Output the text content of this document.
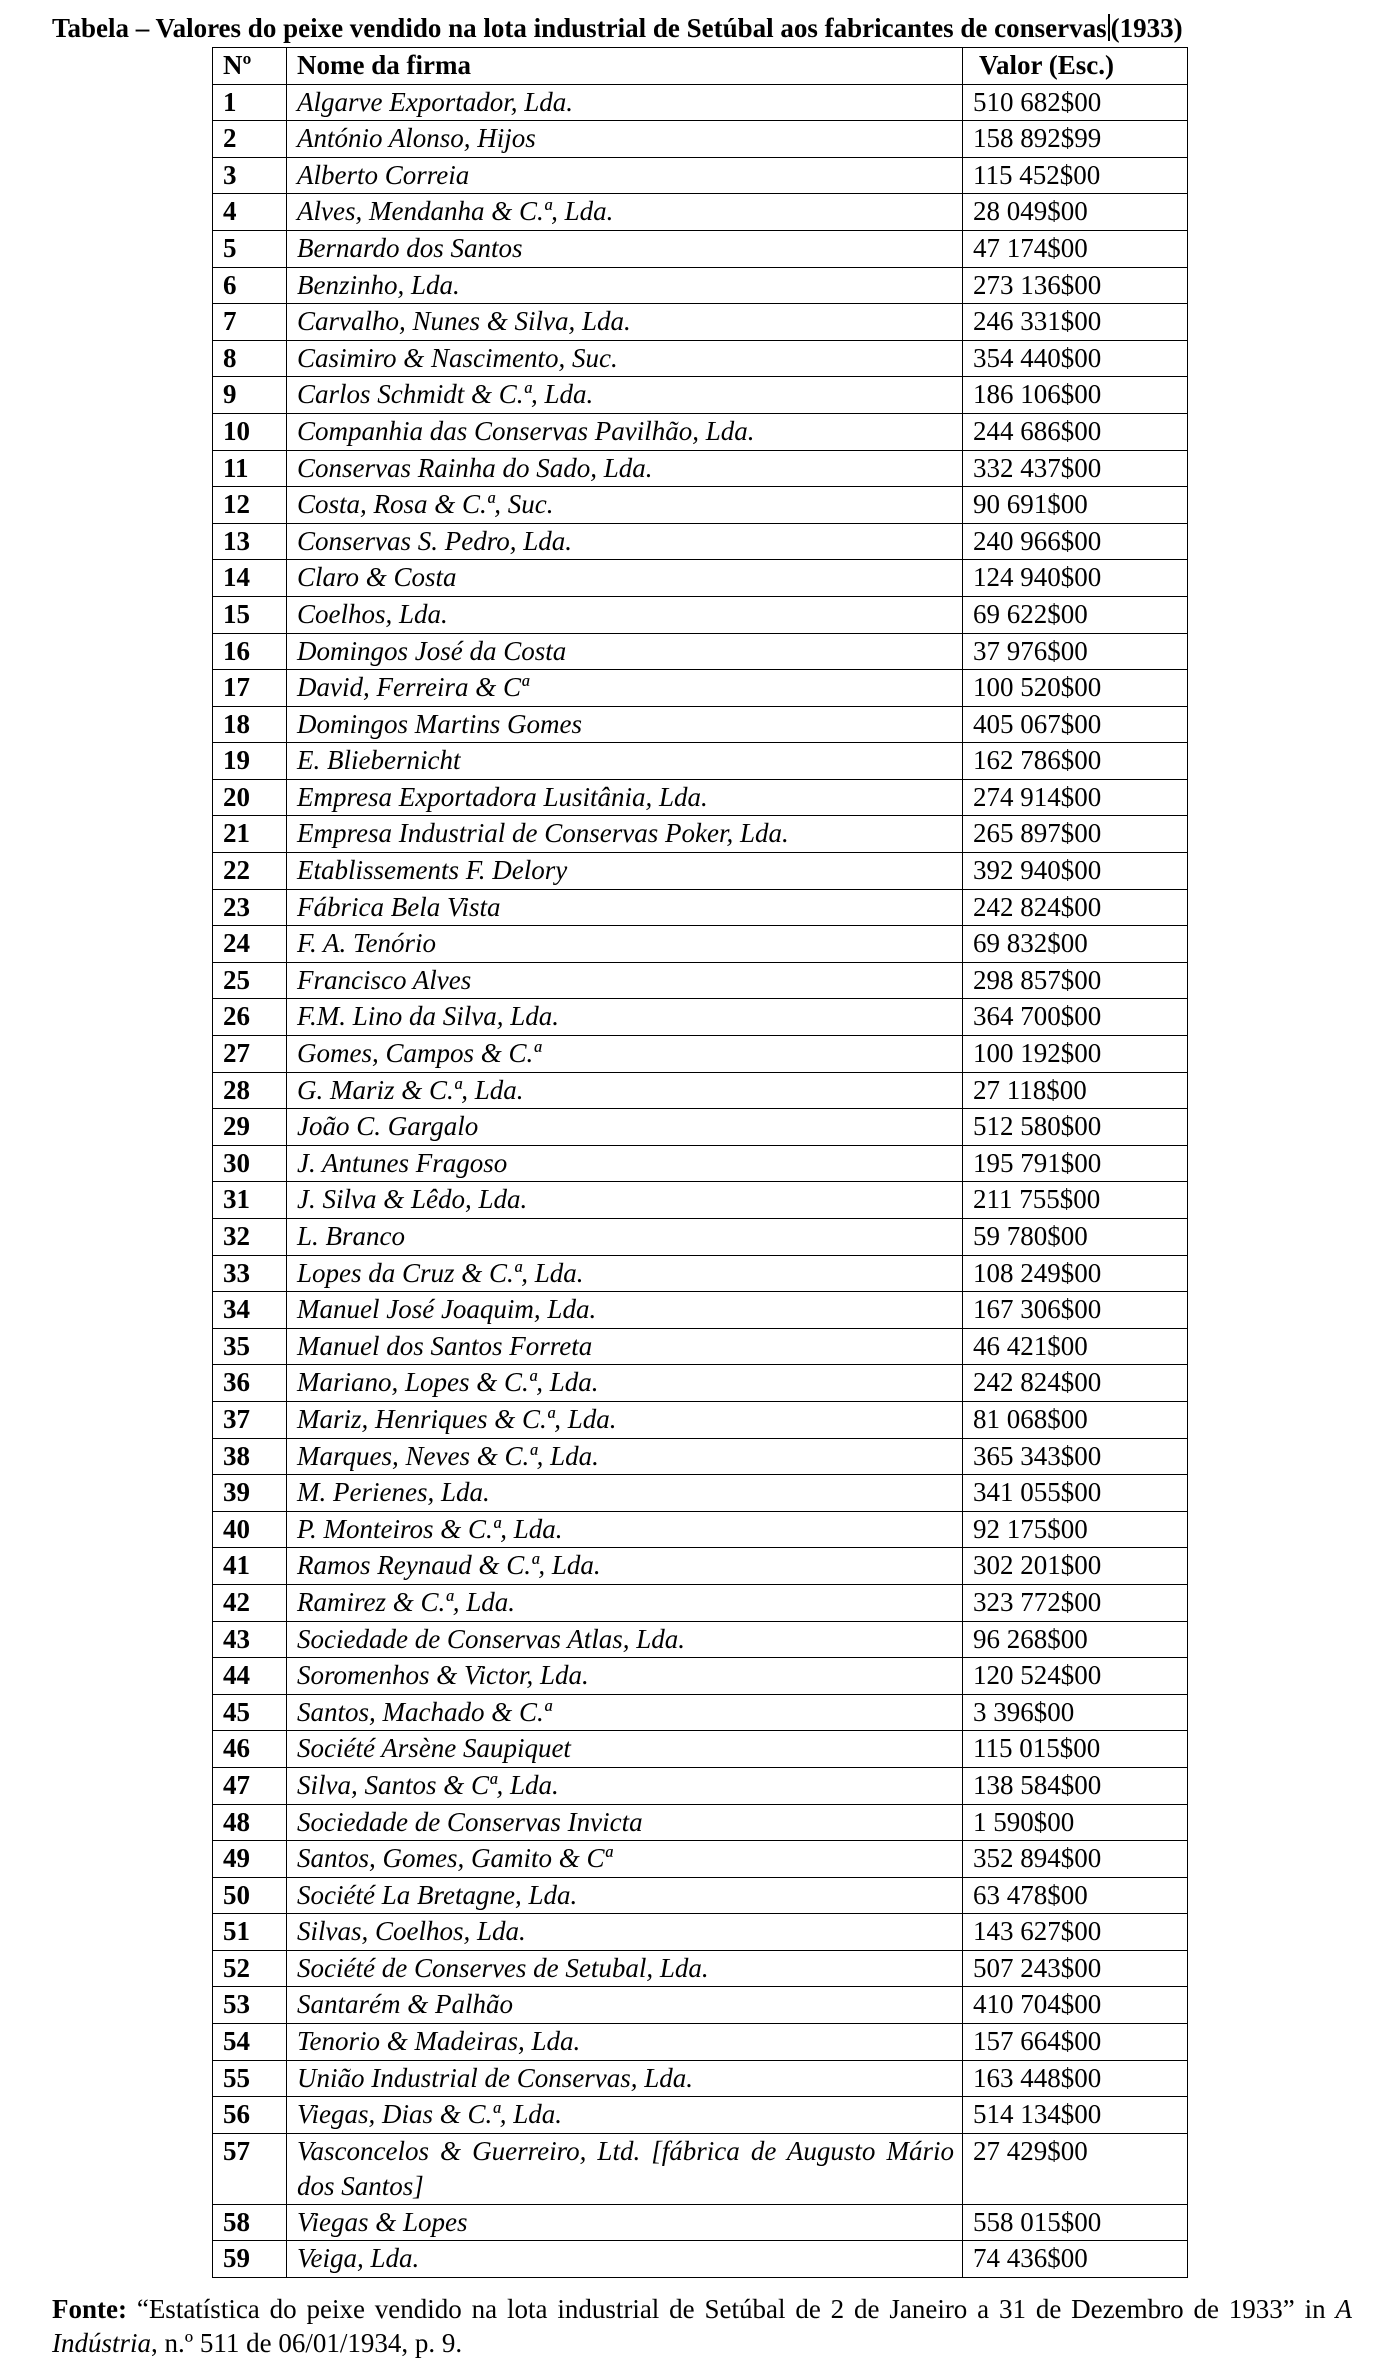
Tabela – Valores do peixe vendido na lota industrial de Setúbal aos fabricantes de conservas (1933)
Nº	Nome da firma	Valor (Esc.)
1	Algarve Exportador, Lda.	510 682$00
2	António Alonso, Hijos	158 892$99
3	Alberto Correia	115 452$00
4	Alves, Mendanha & C.ª, Lda.	28 049$00
5	Bernardo dos Santos	47 174$00
6	Benzinho, Lda.	273 136$00
7	Carvalho, Nunes & Silva, Lda.	246 331$00
8	Casimiro & Nascimento, Suc.	354 440$00
9	Carlos Schmidt & C.ª, Lda.	186 106$00
10	Companhia das Conservas Pavilhão, Lda.	244 686$00
11	Conservas Rainha do Sado, Lda.	332 437$00
12	Costa, Rosa & C.ª, Suc.	90 691$00
13	Conservas S. Pedro, Lda.	240 966$00
14	Claro & Costa	124 940$00
15	Coelhos, Lda.	69 622$00
16	Domingos José da Costa	37 976$00
17	David, Ferreira & Cª	100 520$00
18	Domingos Martins Gomes	405 067$00
19	E. Bliebernicht	162 786$00
20	Empresa Exportadora Lusitânia, Lda.	274 914$00
21	Empresa Industrial de Conservas Poker, Lda.	265 897$00
22	Etablissements F. Delory	392 940$00
23	Fábrica Bela Vista	242 824$00
24	F. A. Tenório	69 832$00
25	Francisco Alves	298 857$00
26	F.M. Lino da Silva, Lda.	364 700$00
27	Gomes, Campos & C.ª	100 192$00
28	G. Mariz & C.ª, Lda.	27 118$00
29	João C. Gargalo	512 580$00
30	J. Antunes Fragoso	195 791$00
31	J. Silva & Lêdo, Lda.	211 755$00
32	L. Branco	59 780$00
33	Lopes da Cruz & C.ª, Lda.	108 249$00
34	Manuel José Joaquim, Lda.	167 306$00
35	Manuel dos Santos Forreta	46 421$00
36	Mariano, Lopes & C.ª, Lda.	242 824$00
37	Mariz, Henriques & C.ª, Lda.	81 068$00
38	Marques, Neves & C.ª, Lda.	365 343$00
39	M. Perienes, Lda.	341 055$00
40	P. Monteiros & C.ª, Lda.	92 175$00
41	Ramos Reynaud & C.ª, Lda.	302 201$00
42	Ramirez & C.ª, Lda.	323 772$00
43	Sociedade de Conservas Atlas, Lda.	96 268$00
44	Soromenhos & Victor, Lda.	120 524$00
45	Santos, Machado & C.ª	3 396$00
46	Société Arsène Saupiquet	115 015$00
47	Silva, Santos & Cª, Lda.	138 584$00
48	Sociedade de Conservas Invicta	1 590$00
49	Santos, Gomes, Gamito & Cª	352 894$00
50	Société La Bretagne, Lda.	63 478$00
51	Silvas, Coelhos, Lda.	143 627$00
52	Société de Conserves de Setubal, Lda.	507 243$00
53	Santarém & Palhão	410 704$00
54	Tenorio & Madeiras, Lda.	157 664$00
55	União Industrial de Conservas, Lda.	163 448$00
56	Viegas, Dias & C.ª, Lda.	514 134$00
57	Vasconcelos & Guerreiro, Ltd. [fábrica de Augusto Mário dos Santos]	27 429$00
58	Viegas & Lopes	558 015$00
59	Veiga, Lda.	74 436$00
Fonte: “Estatística do peixe vendido na lota industrial de Setúbal de 2 de Janeiro a 31 de Dezembro de 1933” in A Indústria, n.º 511 de 06/01/1934, p. 9.
